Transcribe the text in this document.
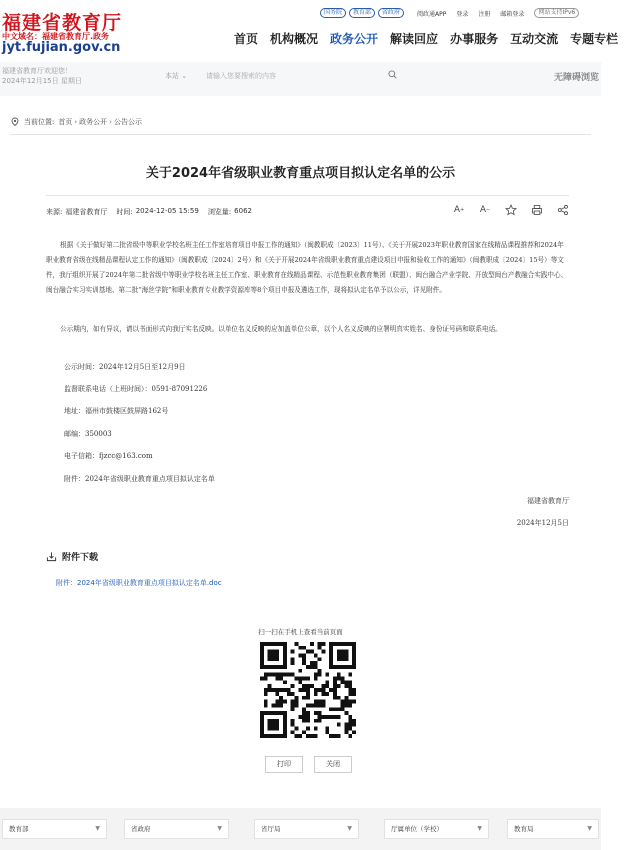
福建省教育厅
中文域名：福建省教育厅.政务
jyt.fujian.gov.cn
国务院	教育部	省政府	阅政通APP 登录 注册 邮箱登录	网站支持IPv6
首页 机构概况 政务公开 解读回应 办事服务 互动交流 专题专栏
福建省教育厅欢迎您！
2024年12月15日 星期日
本站 ⌄	请输入您要搜索的内容	无障碍浏览
当前位置: 首页 › 政务公开 › 公告公示
关于2024年省级职业教育重点项目拟认定名单的公示
来源: 福建省教育厅 时间: 2024-12-05 15:59 浏览量: 6062	A + A −
根据《关于做好第二批省级中等职业学校名班主任工作室培育项目申报工作的通知》（闽教职成〔2023〕11号）、《关于开展2023年职业教育国家在线精品课程推荐和2024年职业教育省级在线精品课程认定工作的通知》（闽教职成〔2024〕2号）和《关于开展2024年省级职业教育重点建设项目申报和验收工作的通知》（闽教职成〔2024〕15号）等文件，我厅组织开展了2024年第二批省级中等职业学校名班主任工作室、职业教育在线精品课程、示范性职业教育集团（联盟）、闽台融合产业学院、开放型闽台产教融合实践中心、闽台融合实习实训基地、第二批“海丝学院”和职业教育专业教学资源库等8个项目申报及遴选工作，现将拟认定名单予以公示，详见附件。
公示期内，如有异议，请以书面形式向我厅实名反映。以单位名义反映的应加盖单位公章，以个人名义反映的应署明真实姓名、身份证号码和联系电话。
公示时间：2024年12月5日至12月9日
监督联系电话（上班时间）：0591-87091226
地址：福州市鼓楼区鼓屏路162号
邮编：350003
电子信箱：fjzcc@163.com
附件：2024年省级职业教育重点项目拟认定名单
福建省教育厅
2024年12月5日
附件下载
附件：2024年省级职业教育重点项目拟认定名单.doc
扫一扫在手机上查看当前页面
打印	关闭
教育部	▼	省政府	▼	省厅局	▼	厅属单位（学校）	▼	教育局	▼
